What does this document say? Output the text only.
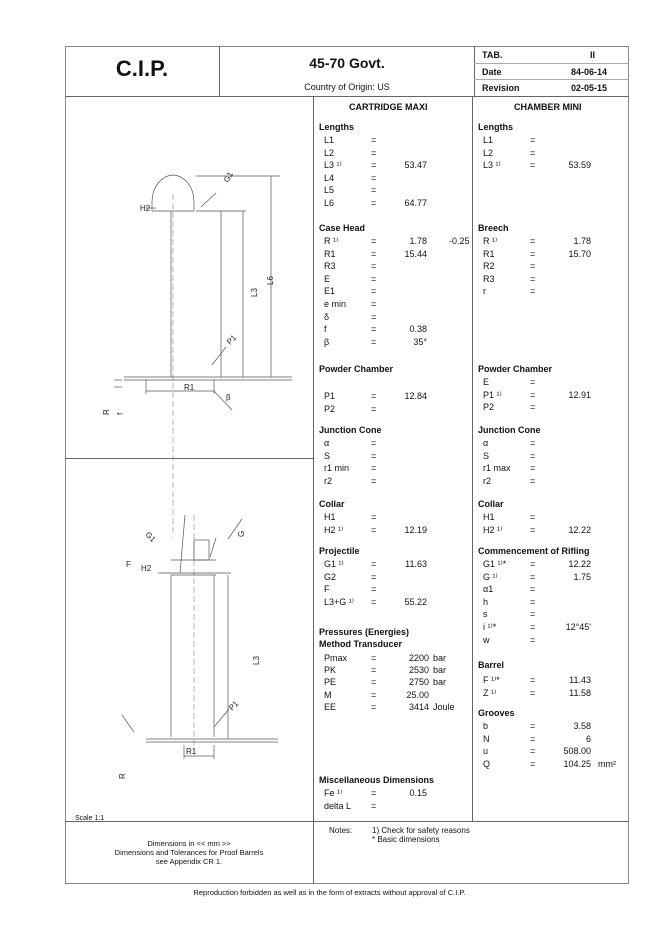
C.I.P.	45-70 Govt.
Country of Origin: US
TAB.	II
Date	84-06-14
Revision	02-05-15
CARTRIDGE MAXI	CHAMBER MINI
G1
H2
L3
L6
P1
R1
β
R f
G1	G
F H2
L3
P1
R1
R
Lengths
L1	=
L2	=
L3 ¹⁾	=	53.47
L4	=
L5	=
L6	=	64.77
Case Head
R ¹⁾	=	1.78 -0.25
R1	=	15.44
R3	=
E	=
E1	=
e min	=
δ	=
f	=	0.38
β	=	35°
Powder Chamber
P1	=	12.84
P2	=
Junction Cone
α	=
S	=
r1 min =
r2	=
Collar
H1	=
H2 ¹⁾	=	12.19
Projectile
G1 ¹⁾	=	11.63
G2	=
F	=
L3+G ¹⁾ =	55.22
Pressures (Energies)
Method Transducer
Pmax	=	2200 bar
PK	=	2530 bar
PE	=	2750 bar
M	=	25.00
EE	=	3414 Joule
Miscellaneous Dimensions
Fe ¹⁾	=	0.15
delta L =
Lengths
L1	=
L2	=
L3 ¹⁾	=	53.59
Breech
R ¹⁾	=	1.78
R1	=	15.70
R2	=
R3	=
r	=
Powder Chamber
E	=
P1 ¹⁾	=	12.91
P2	=
Junction Cone
α	=
S	=
r1 max =
r2	=
Collar
H1	=
H2 ¹⁾	=	12.22
Commencement of Rifling
G1 ¹⁾*	=	12.22
G ¹⁾	=	1.75
α1	=
h	=
s	=
i ¹⁾*	=	12°45'
w	=
Barrel
F ¹⁾*	=	11.43
Z ¹⁾	=	11.58
Grooves
b	=	3.58
N	=	6
u	=	508.00
Q	=	104.25 mm²
Scale 1:1
Dimensions in << mm >>
Dimensions and Tolerances for Proof Barrels
see Appendix CR 1.
Notes: 1) Check for safety reasons
* Basic dimensions
Reproduction forbidden as well as in the form of extracts without approval of C.I.P.
